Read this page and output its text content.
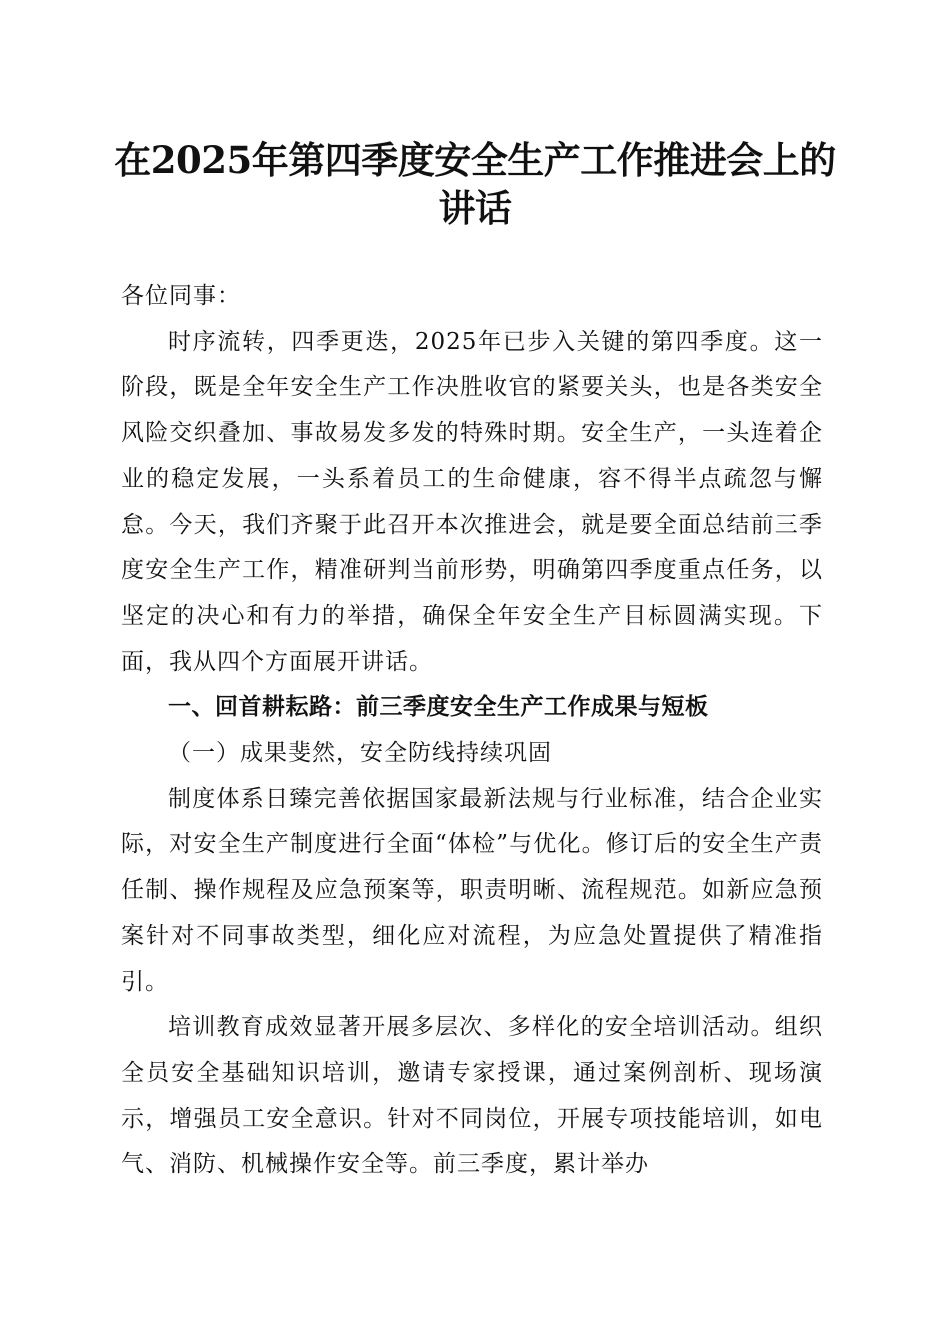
在2025年第四季度安全生产工作推进会上的
讲话

各位同事：

时序流转，四季更迭，2025年已步入关键的第四季度。这一阶段，既是全年安全生产工作决胜收官的紧要关头，也是各类安全风险交织叠加、事故易发多发的特殊时期。安全生产，一头连着企业的稳定发展，一头系着员工的生命健康，容不得半点疏忽与懈怠。今天，我们齐聚于此召开本次推进会，就是要全面总结前三季度安全生产工作，精准研判当前形势，明确第四季度重点任务，以坚定的决心和有力的举措，确保全年安全生产目标圆满实现。下面，我从四个方面展开讲话。

一、回首耕耘路：前三季度安全生产工作成果与短板

（一）成果斐然，安全防线持续巩固

制度体系日臻完善依据国家最新法规与行业标准，结合企业实际，对安全生产制度进行全面“体检”与优化。修订后的安全生产责任制、操作规程及应急预案等，职责明晰、流程规范。如新应急预案针对不同事故类型，细化应对流程，为应急处置提供了精准指引。

培训教育成效显著开展多层次、多样化的安全培训活动。组织全员安全基础知识培训，邀请专家授课，通过案例剖析、现场演示，增强员工安全意识。针对不同岗位，开展专项技能培训，如电气、消防、机械操作安全等。前三季度，累计举办
